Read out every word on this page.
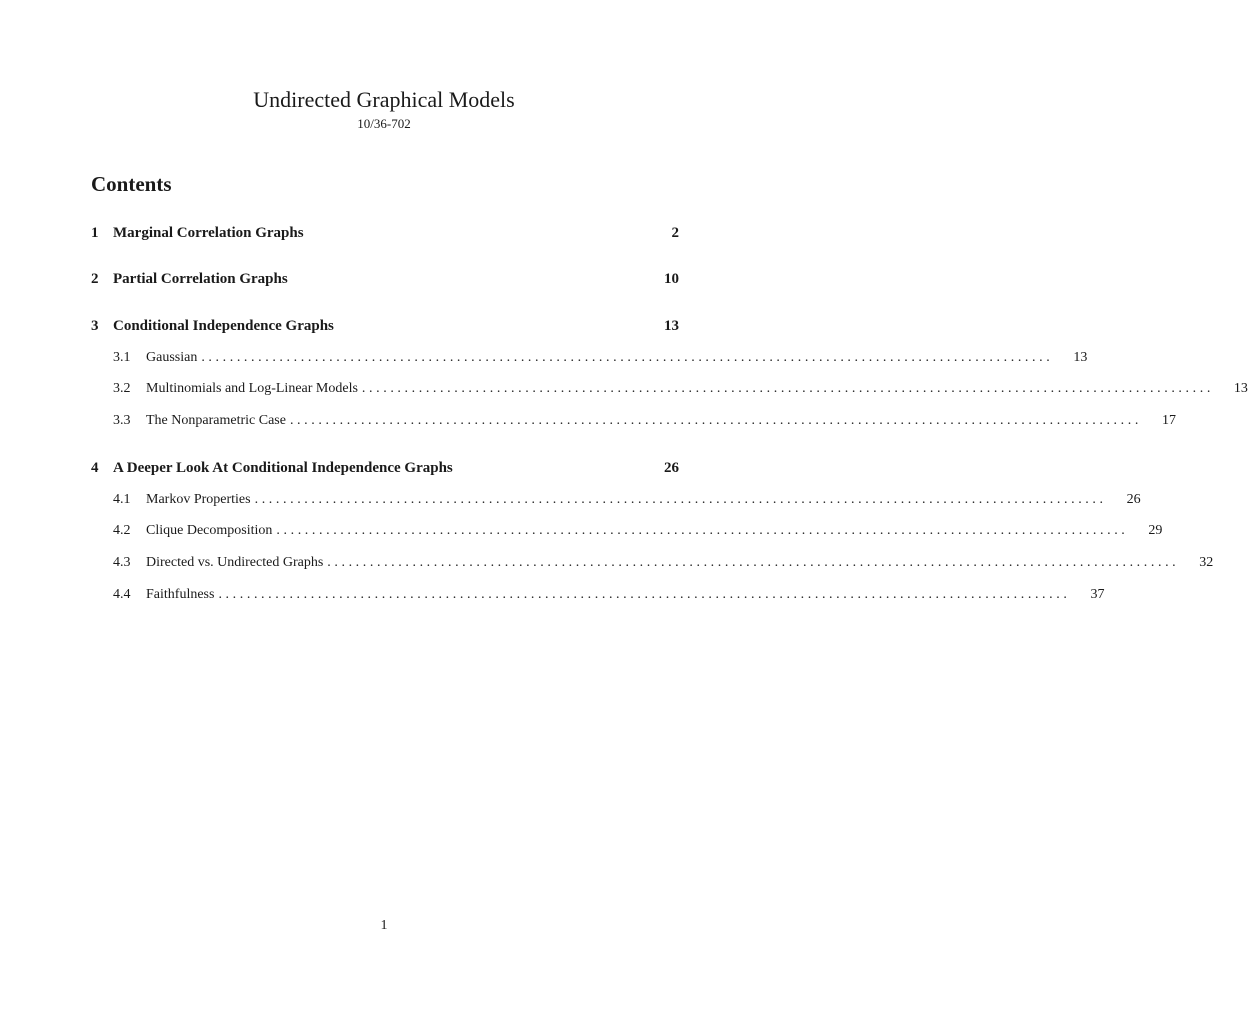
Undirected Graphical Models
10/36-702
Contents
1 Marginal Correlation Graphs	2
2 Partial Correlation Graphs	10
3 Conditional Independence Graphs	13
3.1	Gaussian ........................................................................................................................ 13
3.2	Multinomials and Log-Linear Models ........................................................................................................................ 13
3.3	The Nonparametric Case ........................................................................................................................ 17
4 A Deeper Look At Conditional Independence Graphs	26
4.1	Markov Properties ........................................................................................................................ 26
4.2	Clique Decomposition ........................................................................................................................ 29
4.3	Directed vs. Undirected Graphs ........................................................................................................................ 32
4.4	Faithfulness ........................................................................................................................ 37
1
